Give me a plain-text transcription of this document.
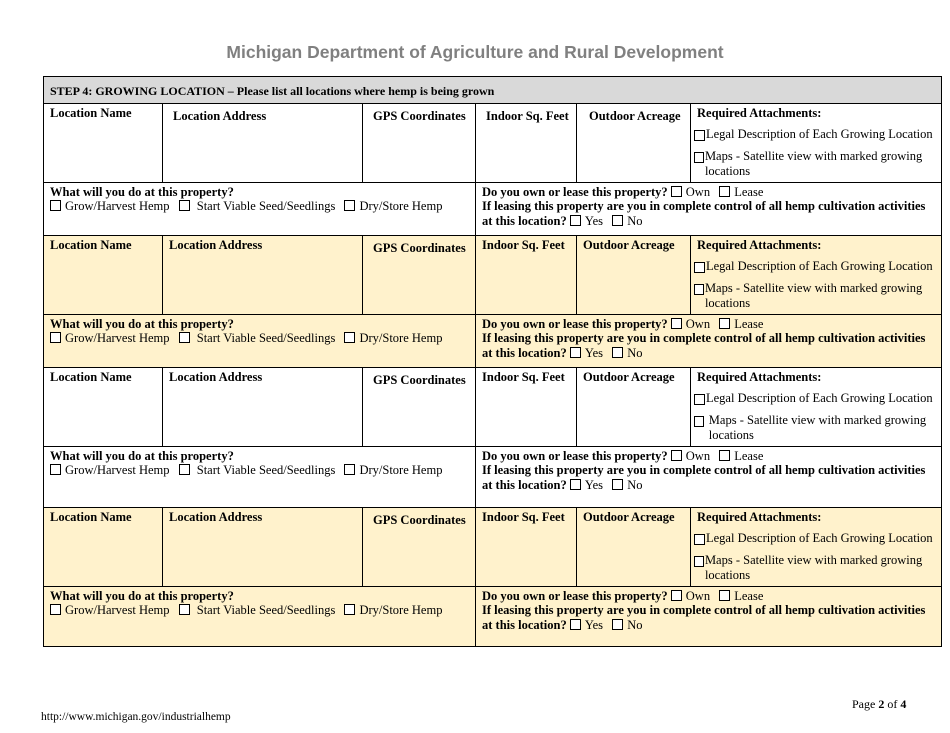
Michigan Department of Agriculture and Rural Development
STEP 4: GROWING LOCATION – Please list all locations where hemp is being grown
Location Name	Location Address	GPS Coordinates	Indoor Sq. Feet	Outdoor Acreage	Required Attachments:
Legal Description of Each Growing Location
Maps - Satellite view with marked growing locations
What will you do at this property?
Grow/Harvest Hemp Start Viable Seed/Seedlings Dry/Store Hemp
Do you own or lease this property? Own Lease
If leasing this property are you in complete control of all hemp cultivation activities at this location? Yes No
Location Name	Location Address	GPS Coordinates	Indoor Sq. Feet	Outdoor Acreage	Required Attachments:
Legal Description of Each Growing Location
Maps - Satellite view with marked growing locations
What will you do at this property?
Grow/Harvest Hemp Start Viable Seed/Seedlings Dry/Store Hemp
Do you own or lease this property? Own Lease
If leasing this property are you in complete control of all hemp cultivation activities at this location? Yes No
Location Name	Location Address	GPS Coordinates	Indoor Sq. Feet	Outdoor Acreage	Required Attachments:
Legal Description of Each Growing Location
Maps - Satellite view with marked growing locations
What will you do at this property?
Grow/Harvest Hemp Start Viable Seed/Seedlings Dry/Store Hemp
Do you own or lease this property? Own Lease
If leasing this property are you in complete control of all hemp cultivation activities at this location? Yes No
Location Name	Location Address	GPS Coordinates	Indoor Sq. Feet	Outdoor Acreage	Required Attachments:
Legal Description of Each Growing Location
Maps - Satellite view with marked growing locations
What will you do at this property?
Grow/Harvest Hemp Start Viable Seed/Seedlings Dry/Store Hemp
Do you own or lease this property? Own Lease
If leasing this property are you in complete control of all hemp cultivation activities at this location? Yes No
Page 2 of 4
http://www.michigan.gov/industrialhemp
